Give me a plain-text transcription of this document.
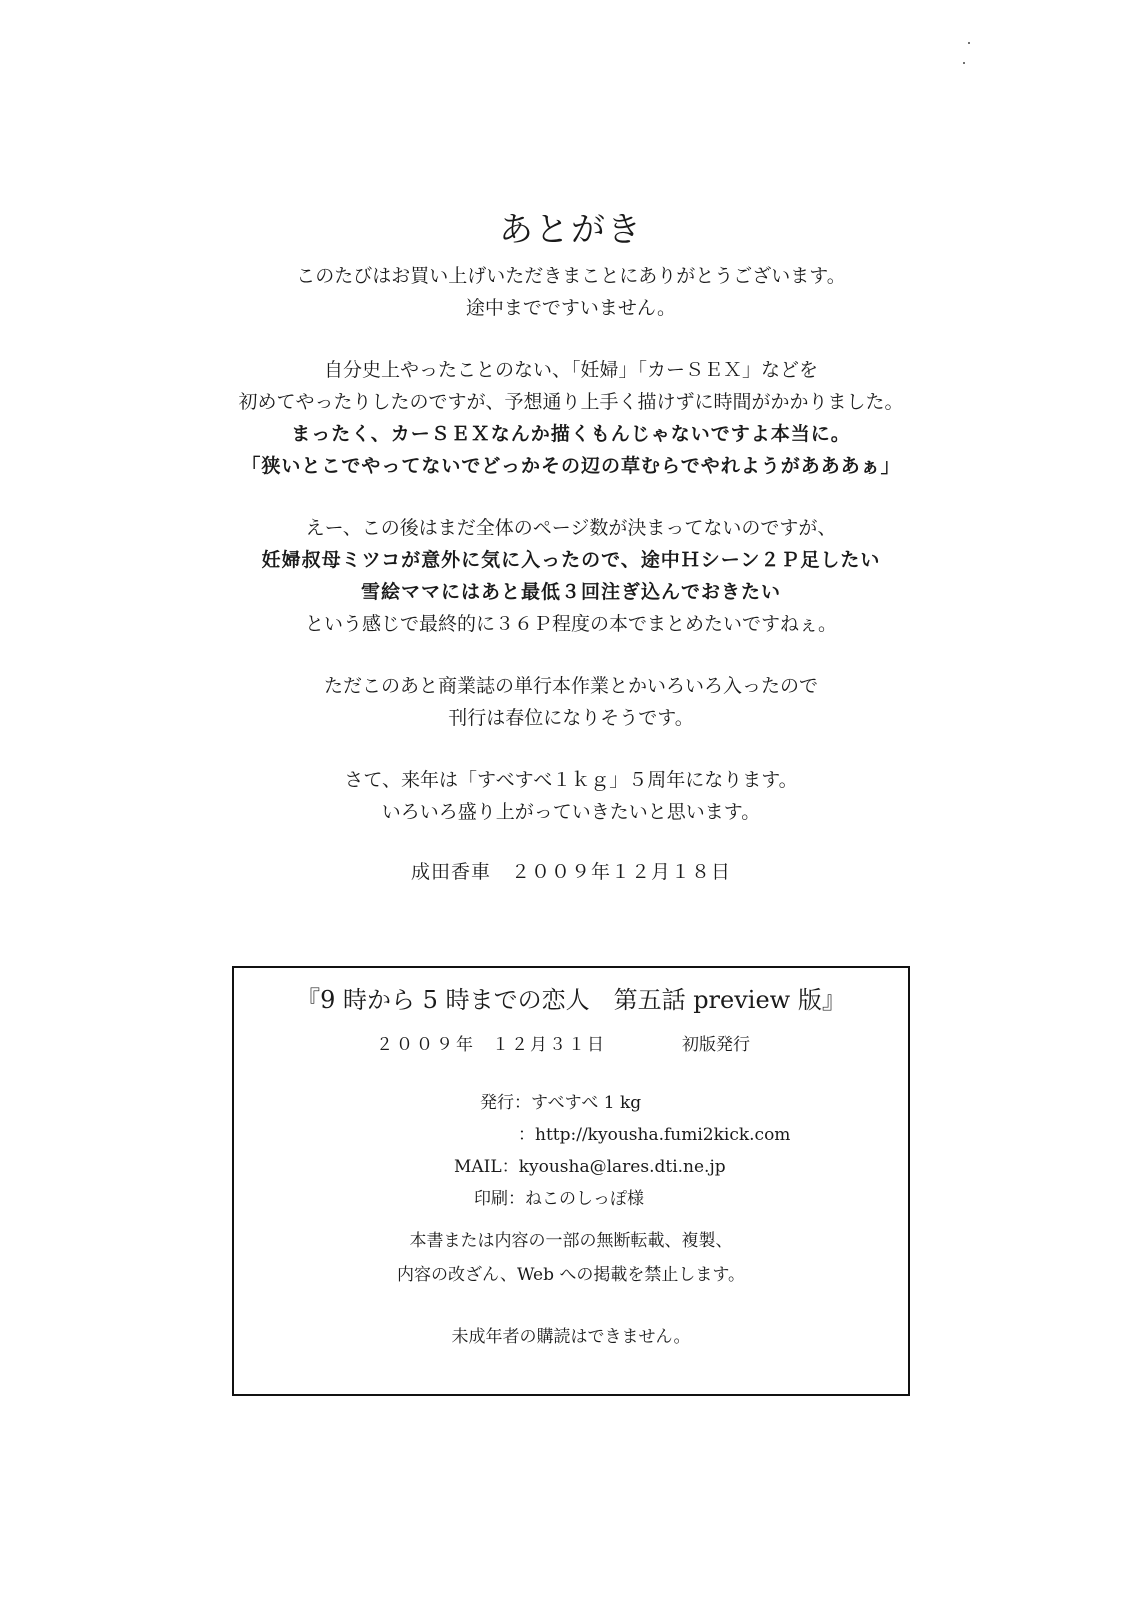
あとがき

このたびはお買い上げいただきまことにありがとうございます。

途中までですいません。

自分史上やったことのない、「妊婦」「カーＳＥＸ」などを

初めてやったりしたのですが、予想通り上手く描けずに時間がかかりました。

まったく、カーＳＥＸなんか描くもんじゃないですよ本当に。

「狭いとこでやってないでどっかその辺の草むらでやれようがあああぁ」

えー、この後はまだ全体のページ数が決まってないのですが、

妊婦叔母ミツコが意外に気に入ったので、途中Ｈシーン２Ｐ足したい

雪絵ママにはあと最低３回注ぎ込んでおきたい

という感じで最終的に３６Ｐ程度の本でまとめたいですねぇ。

ただこのあと商業誌の単行本作業とかいろいろ入ったので

刊行は春位になりそうです。

さて、来年は「すべすべ１ｋｇ」５周年になります。

いろいろ盛り上がっていきたいと思います。

成田香車　２００９年１２月１８日

『9 時から 5 時までの恋人　第五話 preview 版』
２００９年 １２月３１日	初版発行
発行：すべすべ 1 kg
：http://kyousha.fumi2kick.com
MAIL：kyousha@lares.dti.ne.jp
印刷：ねこのしっぽ様
本書または内容の一部の無断転載、複製、
内容の改ざん、Web への掲載を禁止します。
未成年者の購読はできません。
